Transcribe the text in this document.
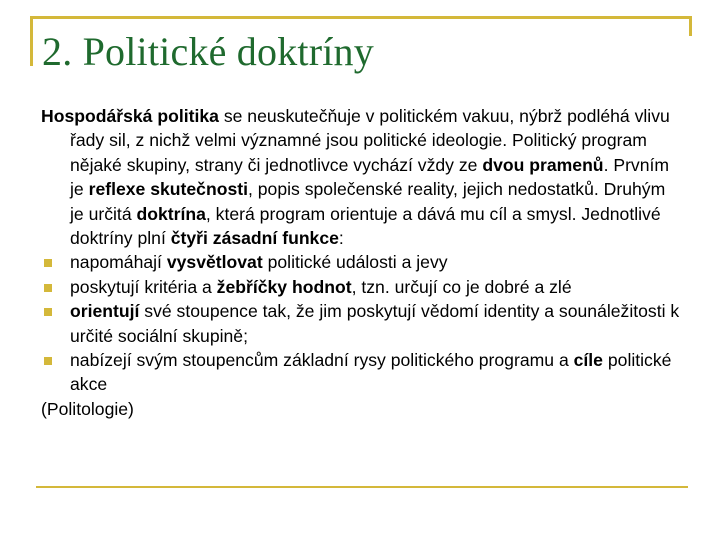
2. Politické doktríny
Hospodářská politika se neuskutečňuje v politickém vakuu, nýbrž podléhá vlivu řady sil, z nichž velmi významné jsou politické ideologie. Politický program nějaké skupiny, strany či jednotlivce vychází vždy ze dvou pramenů. Prvním je reflexe skutečnosti, popis společenské reality, jejich nedostatků. Druhým je určitá doktrína, která program orientuje a dává mu cíl a smysl. Jednotlivé doktríny plní čtyři zásadní funkce:
napomáhají vysvětlovat politické události a jevy
poskytují kritéria a žebříčky hodnot, tzn. určují co je dobré a zlé
orientují své stoupence tak, že jim poskytují vědomí identity a sounáležitosti k určité sociální skupině;
nabízejí svým stoupencům základní rysy politického programu a cíle politické akce
(Politologie)
